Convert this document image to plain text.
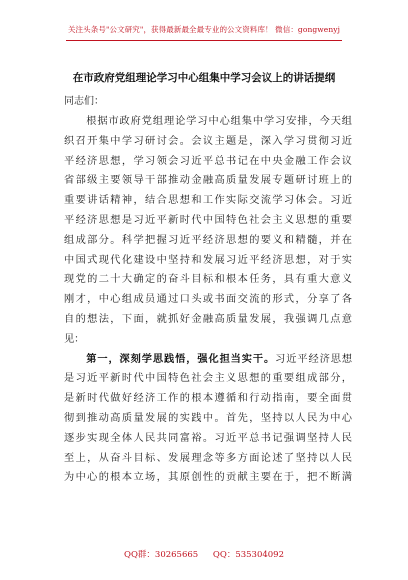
关注头条号"公文研究"，获得最新最全最专业的公文资料库！ 微信：gongwenyj
在市政府党组理论学习中心组集中学习会议上的讲话提纲
同志们：
　　根据市政府党组理论学习中心组集中学习安排，今天组
织召开集中学习研讨会。会议主题是，深入学习贯彻习近
平经济思想，学习领会习近平总书记在中央金融工作会议
省部级主要领导干部推动金融高质量发展专题研讨班上的
重要讲话精神，结合思想和工作实际交流学习体会。习近
平经济思想是习近平新时代中国特色社会主义思想的重要
组成部分。科学把握习近平经济思想的要义和精髓，并在
中国式现代化建设中坚持和发展习近平经济思想，对于实
现党的二十大确定的奋斗目标和根本任务，具有重大意义
刚才，中心组成员通过口头或书面交流的形式，分享了各
自的想法，下面，就抓好金融高质量发展，我强调几点意
见：
　　第一，深刻学思践悟，强化担当实干。习近平经济思想
是习近平新时代中国特色社会主义思想的重要组成部分，
是新时代做好经济工作的根本遵循和行动指南，要全面贯
彻到推动高质量发展的实践中。首先，坚持以人民为中心
逐步实现全体人民共同富裕。习近平总书记强调坚持人民
至上，从奋斗目标、发展理念等多方面论述了坚持以人民
为中心的根本立场，其原创性的贡献主要在于，把不断满
QQ群：30265665 QQ：535304092
